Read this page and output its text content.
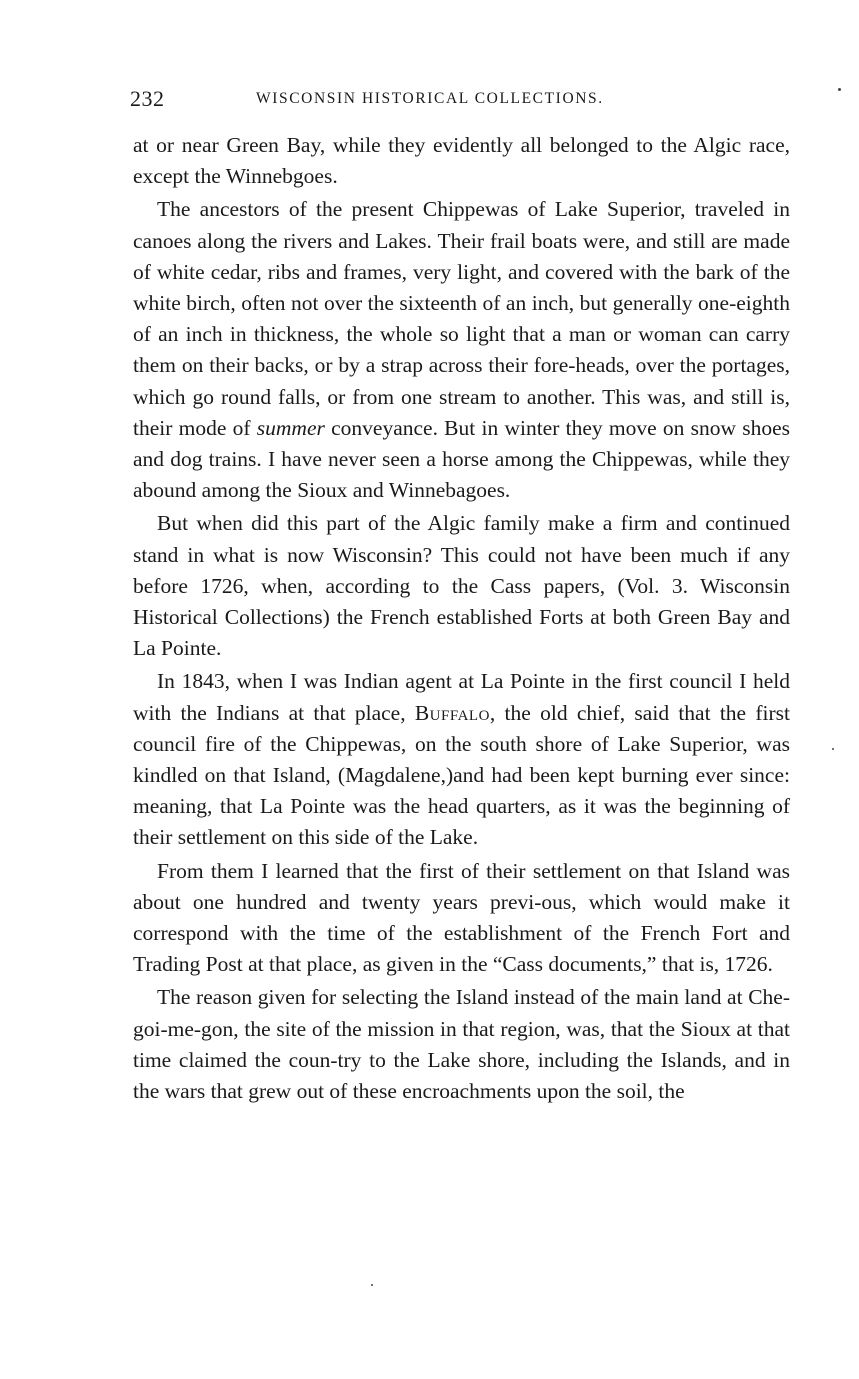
232	WISCONSIN HISTORICAL COLLECTIONS.

at or near Green Bay, while they evidently all belonged to the Algic race, except the Winnebgoes.

The ancestors of the present Chippewas of Lake Superior, traveled in canoes along the rivers and Lakes. Their frail boats were, and still are made of white cedar, ribs and frames, very light, and covered with the bark of the white birch, often not over the sixteenth of an inch, but generally one-eighth of an inch in thickness, the whole so light that a man or woman can carry them on their backs, or by a strap across their fore-heads, over the portages, which go round falls, or from one stream to another. This was, and still is, their mode of summer conveyance. But in winter they move on snow shoes and dog trains. I have never seen a horse among the Chippewas, while they abound among the Sioux and Winnebagoes.

But when did this part of the Algic family make a firm and continued stand in what is now Wisconsin? This could not have been much if any before 1726, when, according to the Cass papers, (Vol. 3. Wisconsin Historical Collections) the French established Forts at both Green Bay and La Pointe.

In 1843, when I was Indian agent at La Pointe in the first council I held with the Indians at that place, Buffalo, the old chief, said that the first council fire of the Chippewas, on the south shore of Lake Superior, was kindled on that Island, (Magdalene,)and had been kept burning ever since: meaning, that La Pointe was the head quarters, as it was the beginning of their settlement on this side of the Lake.

From them I learned that the first of their settlement on that Island was about one hundred and twenty years previ-ous, which would make it correspond with the time of the establishment of the French Fort and Trading Post at that place, as given in the “Cass documents,” that is, 1726.

The reason given for selecting the Island instead of the main land at Che-goi-me-gon, the site of the mission in that region, was, that the Sioux at that time claimed the coun-try to the Lake shore, including the Islands, and in the wars that grew out of these encroachments upon the soil, the
